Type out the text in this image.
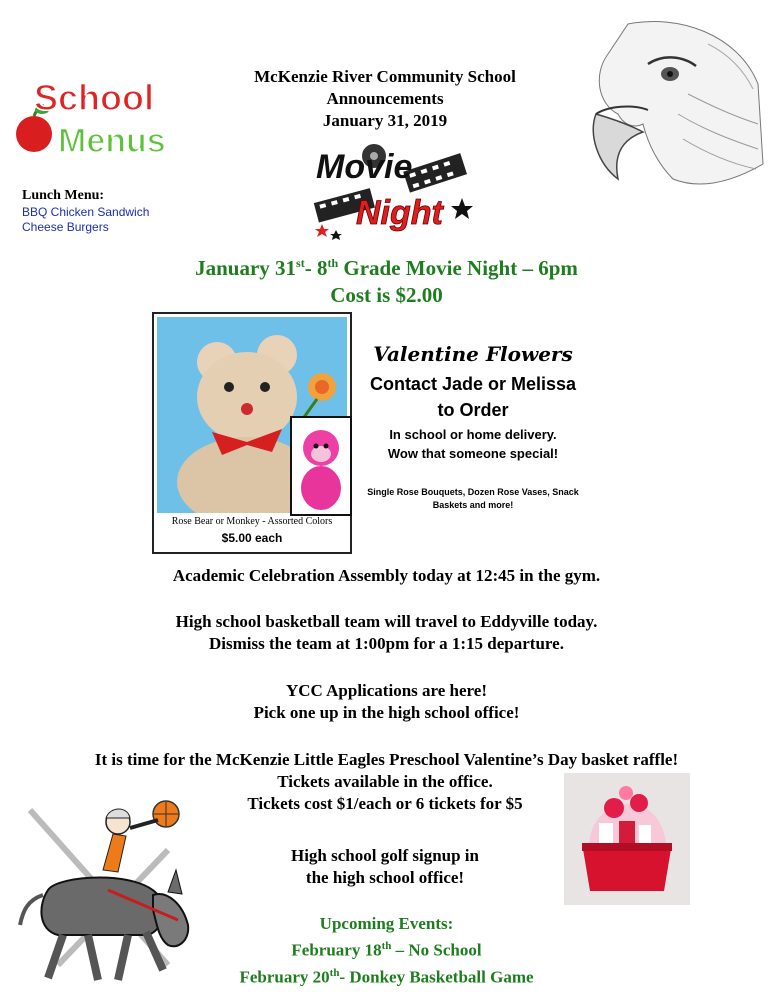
School
Menus
McKenzie River Community School
Announcements
January 31, 2019
Lunch Menu:
BBQ Chicken Sandwich
Cheese Burgers
Movie
Night
January 31st- 8th Grade Movie Night – 6pm
Cost is $2.00
Rose Bear or Monkey - Assorted Colors
$5.00 each
Valentine Flowers
Contact Jade or Melissa
to Order
In school or home delivery.
Wow that someone special!
Single Rose Bouquets, Dozen Rose Vases, Snack
Baskets and more!
Academic Celebration Assembly today at 12:45 in the gym.
High school basketball team will travel to Eddyville today.
Dismiss the team at 1:00pm for a 1:15 departure.
YCC Applications are here!
Pick one up in the high school office!
It is time for the McKenzie Little Eagles Preschool Valentine’s Day basket raffle!
Tickets available in the office.
Tickets cost $1/each or 6 tickets for $5
High school golf signup in
the high school office!
Upcoming Events:
February 18th – No School
February 20th- Donkey Basketball Game
